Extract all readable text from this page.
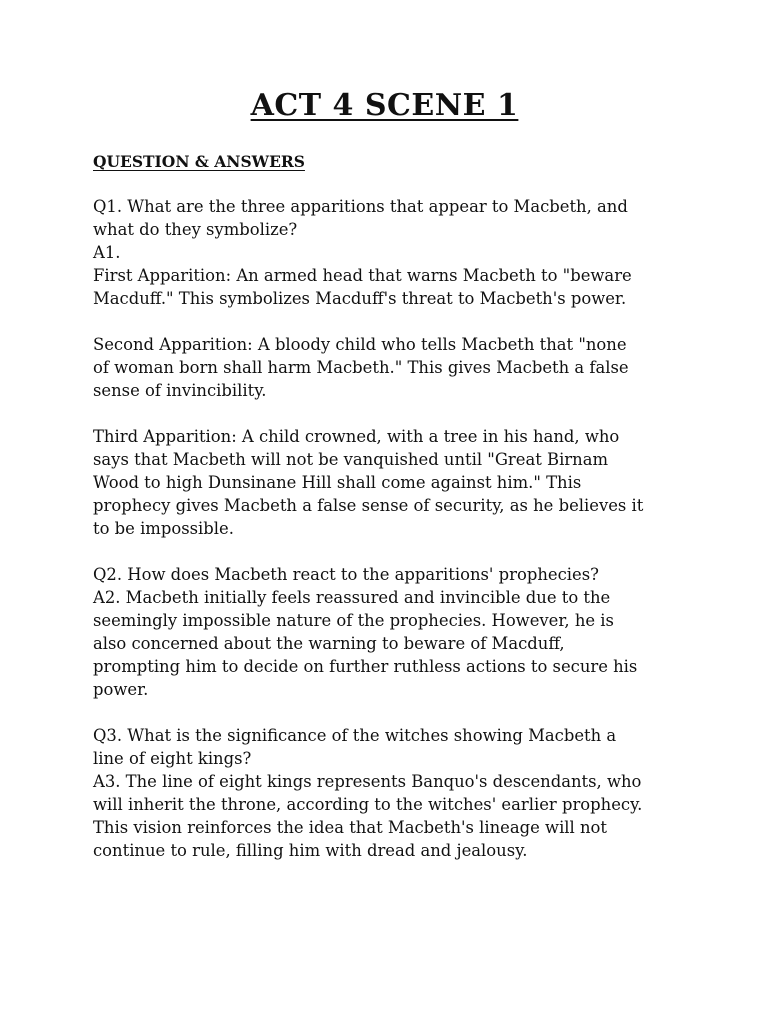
ACT 4 SCENE 1
QUESTION & ANSWERS
Q1. What are the three apparitions that appear to Macbeth, and
what do they symbolize?
A1.
First Apparition: An armed head that warns Macbeth to "beware
Macduff." This symbolizes Macduff's threat to Macbeth's power.
Second Apparition: A bloody child who tells Macbeth that "none
of woman born shall harm Macbeth." This gives Macbeth a false
sense of invincibility.
Third Apparition: A child crowned, with a tree in his hand, who
says that Macbeth will not be vanquished until "Great Birnam
Wood to high Dunsinane Hill shall come against him." This
prophecy gives Macbeth a false sense of security, as he believes it
to be impossible.
Q2. How does Macbeth react to the apparitions' prophecies?
A2. Macbeth initially feels reassured and invincible due to the
seemingly impossible nature of the prophecies. However, he is
also concerned about the warning to beware of Macduff,
prompting him to decide on further ruthless actions to secure his
power.
Q3. What is the significance of the witches showing Macbeth a
line of eight kings?
A3. The line of eight kings represents Banquo's descendants, who
will inherit the throne, according to the witches' earlier prophecy.
This vision reinforces the idea that Macbeth's lineage will not
continue to rule, filling him with dread and jealousy.
